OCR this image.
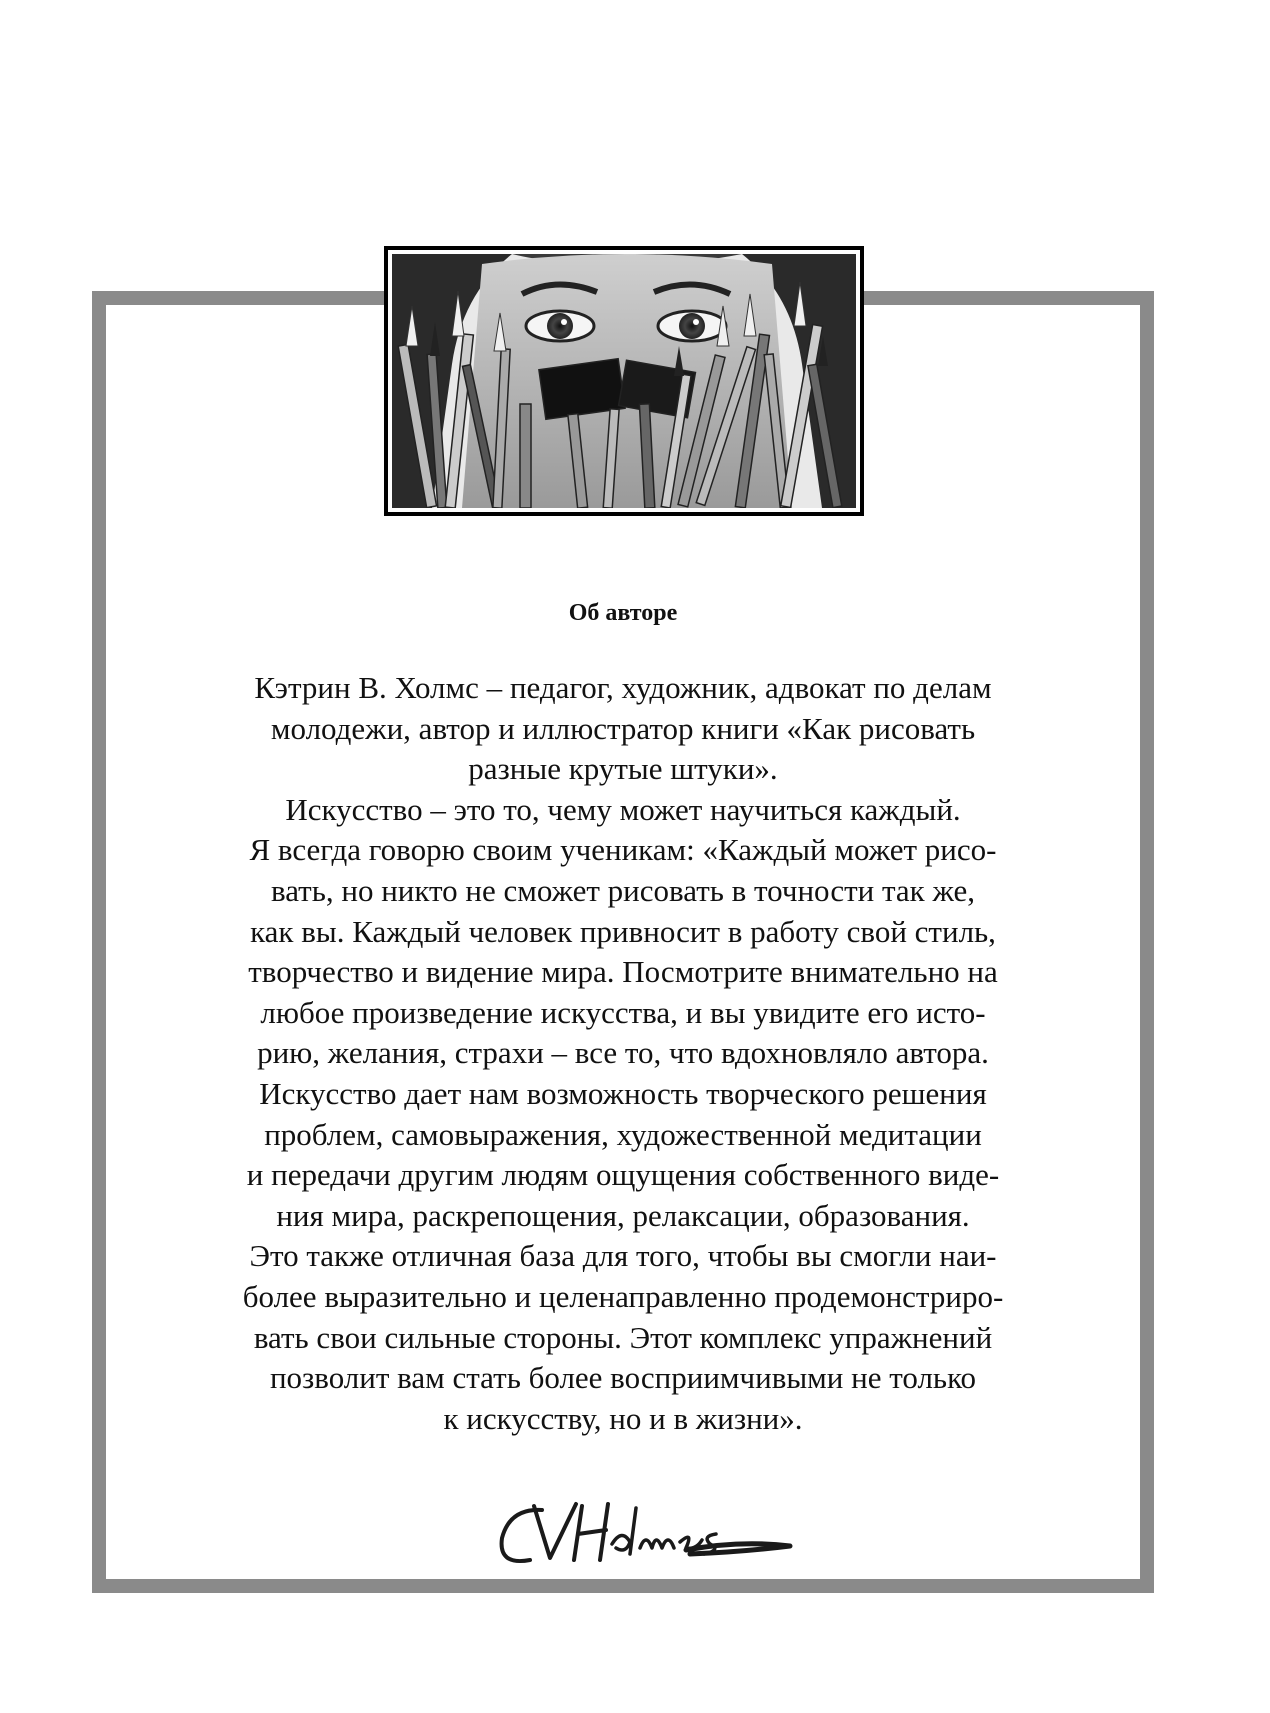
Об авторе
Кэтрин В. Холмс – педагог, художник, адвокат по делам
молодежи, автор и иллюстратор книги «Как рисовать
разные крутые штуки».
Искусство – это то, чему может научиться каждый.
Я всегда говорю своим ученикам: «Каждый может рисо-
вать, но никто не сможет рисовать в точности так же,
как вы. Каждый человек привносит в работу свой стиль,
творчество и видение мира. Посмотрите внимательно на
любое произведение искусства, и вы увидите его исто-
рию, желания, страхи – все то, что вдохновляло автора.
Искусство дает нам возможность творческого решения
проблем, самовыражения, художественной медитации
и передачи другим людям ощущения собственного виде-
ния мира, раскрепощения, релаксации, образования.
Это также отличная база для того, чтобы вы смогли наи-
более выразительно и целенаправленно продемонстриро-
вать свои сильные стороны. Этот комплекс упражнений
позволит вам стать более восприимчивыми не только
к искусству, но и в жизни».
